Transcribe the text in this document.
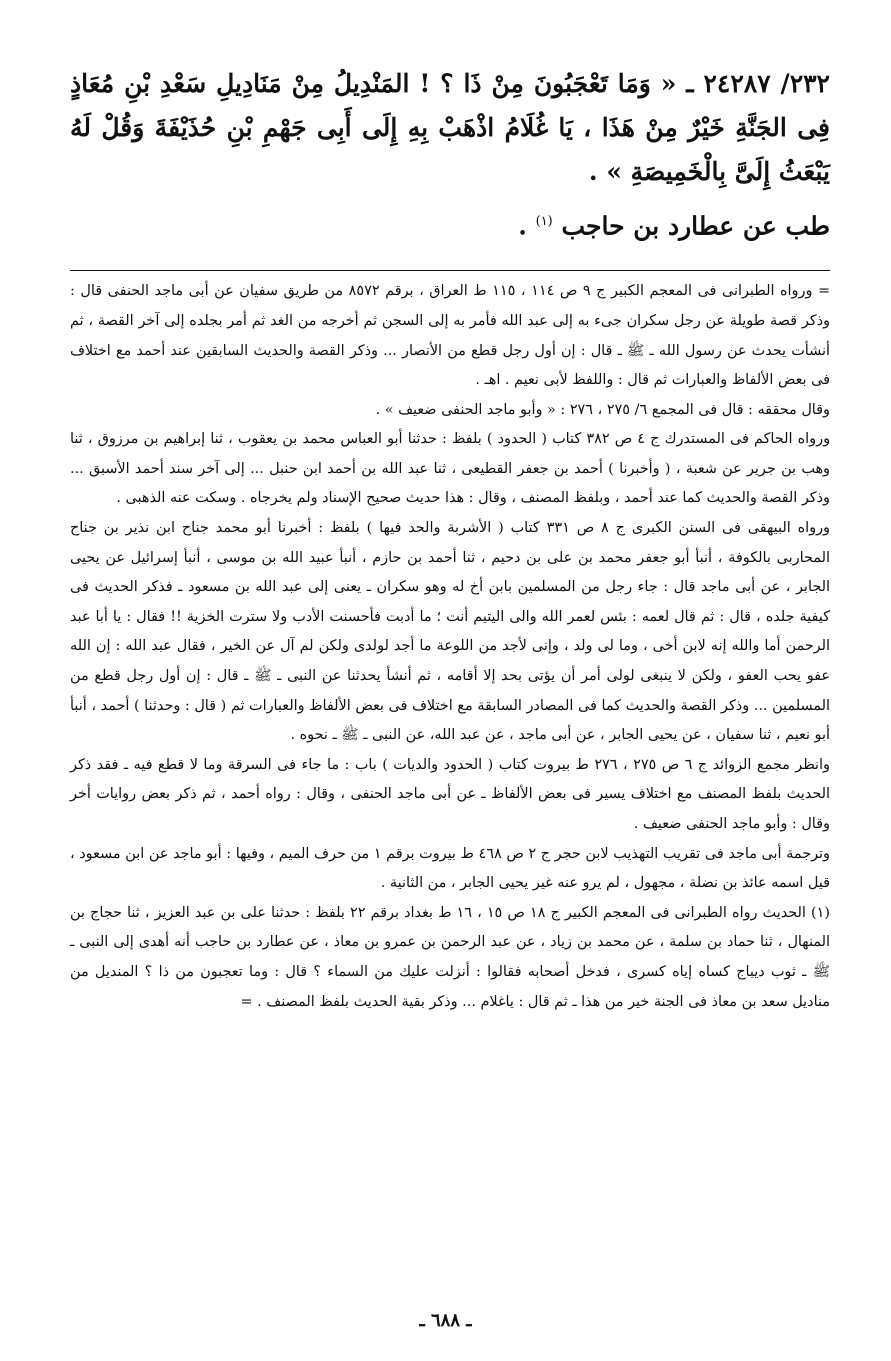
٢٣٢/ ٢٤٢٨٧ ـ « وَمَا تَعْجَبُونَ مِنْ ذَا ؟ ! المَنْدِيلُ مِنْ مَنَادِيلِ سَعْدِ بْنِ مُعَاذٍ فِى الجَنَّةِ خَيْرٌ مِنْ هَذَا ، يَا غُلَامُ اذْهَبْ بِهِ إِلَى أَبِى جَهْمِ بْنِ حُذَيْفَةَ وَقُلْ لَهُ يَبْعَثُ إِلَىَّ بِالْخَمِيصَةِ » .

طب عن عطارد بن حاجب $^{(١)}$ .

= ورواه الطبرانى فى المعجم الكبير ج ٩ ص ١١٤ ، ١١٥ ط العراق ، برقم ٨٥٧٢ من طريق سفيان عن أبى ماجد الحنفى قال : وذكر قصة طويلة عن رجل سكران جىء به إلى عبد الله فأمر به إلى السجن ثم أخرجه من الغد ثم أمر بجلده إلى آخر القصة ، ثم أنشأت يحدث عن رسول الله ـ ﷺ ـ قال : إن أول رجل قطع من الأنصار ... وذكر القصة والحديث السابقين عند أحمد مع اختلاف فى بعض الألفاظ والعبارات ثم قال : واللفظ لأبى نعيم . اهـ .

وقال محققه : قال فى المجمع ٦/ ٢٧٥ ، ٢٧٦ : « وأبو ماجد الحنفى ضعيف » .

ورواه الحاكم فى المستدرك ج ٤ ص ٣٨٢ كتاب ( الحدود ) بلفظ : حدثنا أبو العباس محمد بن يعقوب ، ثنا إبراهيم بن مرزوق ، ثنا وهب بن جرير عن شعبة ، ( وأخبرنا ) أحمد بن جعفر القطيعى ، ثنا عبد الله بن أحمد ابن حنبل ... إلى آخر سند أحمد الأسبق ... وذكر القصة والحديث كما عند أحمد ، وبلفظ المصنف ، وقال : هذا حديث صحيح الإسناد ولم يخرجاه . وسكت عنه الذهبى .

ورواه البيهقى فى السنن الكبرى ج ٨ ص ٣٣١ كتاب ( الأشربة والحد فيها ) بلفظ : أخبرنا أبو محمد جناح ابن نذير بن جناح المحاربى بالكوفة ، أنبأ أبو جعفر محمد بن على بن دحيم ، ثنا أحمد بن حازم ، أنبأ عبيد الله بن موسى ، أنبأ إسرائيل عن يحيى الجابر ، عن أبى ماجد قال : جاء رجل من المسلمين بابن أخ له وهو سكران ـ يعنى إلى عبد الله بن مسعود ـ فذكر الحديث فى كيفية جلده ، قال : ثم قال لعمه : بئس لعمر الله والى اليتيم أنت ؛ ما أدبت فأحسنت الأدب ولا سترت الخزية !! فقال : يا أبا عبد الرحمن أما والله إنه لابن أخى ، وما لى ولد ، وإنى لأجد من اللوعة ما أجد لولدى ولكن لم آل عن الخير ، فقال عبد الله : إن الله عفو يحب العفو ، ولكن لا ينبغى لولى أمر أن يؤتى بحد إلا أقامه ، ثم أنشأ يحدثنا عن النبى ـ ﷺ ـ قال : إن أول رجل قطع من المسلمين ... وذكر القصة والحديث كما فى المصادر السابقة مع اختلاف فى بعض الألفاظ والعبارات ثم ( قال : وحدثنا ) أحمد ، أنبأ أبو نعيم ، ثنا سفيان ، عن يحيى الجابر ، عن أبى ماجد ، عن عبد الله، عن النبى ـ ﷺ ـ نحوه .

وانظر مجمع الزوائد ج ٦ ص ٢٧٥ ، ٢٧٦ ط بيروت كتاب ( الحدود والديات ) باب : ما جاء فى السرقة وما لا قطع فيه ـ فقد ذكر الحديث بلفظ المصنف مع اختلاف يسير فى بعض الألفاظ ـ عن أبى ماجد الحنفى ، وقال : رواه أحمد ، ثم ذكر بعض روايات أخر وقال : وأبو ماجد الحنفى ضعيف .

وترجمة أبى ماجد فى تقريب التهذيب لابن حجر ج ٢ ص ٤٦٨ ط بيروت برقم ١ من حرف الميم ، وفيها : أبو ماجد عن ابن مسعود ، قيل اسمه عائذ بن نضلة ، مجهول ، لم يرو عنه غير يحيى الجابر ، من الثانية .

(١) الحديث رواه الطبرانى فى المعجم الكبير ج ١٨ ص ١٥ ، ١٦ ط بغداد برقم ٢٢ بلفظ : حدثنا على بن عبد العزيز ، ثنا حجاج بن المنهال ، ثنا حماد بن سلمة ، عن محمد بن زياد ، عن عبد الرحمن بن عمرو بن معاذ ، عن عطارد بن حاجب أنه أهدى إلى النبى ـ ﷺ ـ ثوب ديباج كساه إياه كسرى ، فدخل أصحابه فقالوا : أنزلت عليك من السماء ؟ قال : وما تعجبون من ذا ؟ المنديل من مناديل سعد بن معاذ فى الجنة خير من هذا ـ ثم قال : ياغلام ... وذكر بقية الحديث بلفظ المصنف . =

ـ ٦٨٨ ـ
